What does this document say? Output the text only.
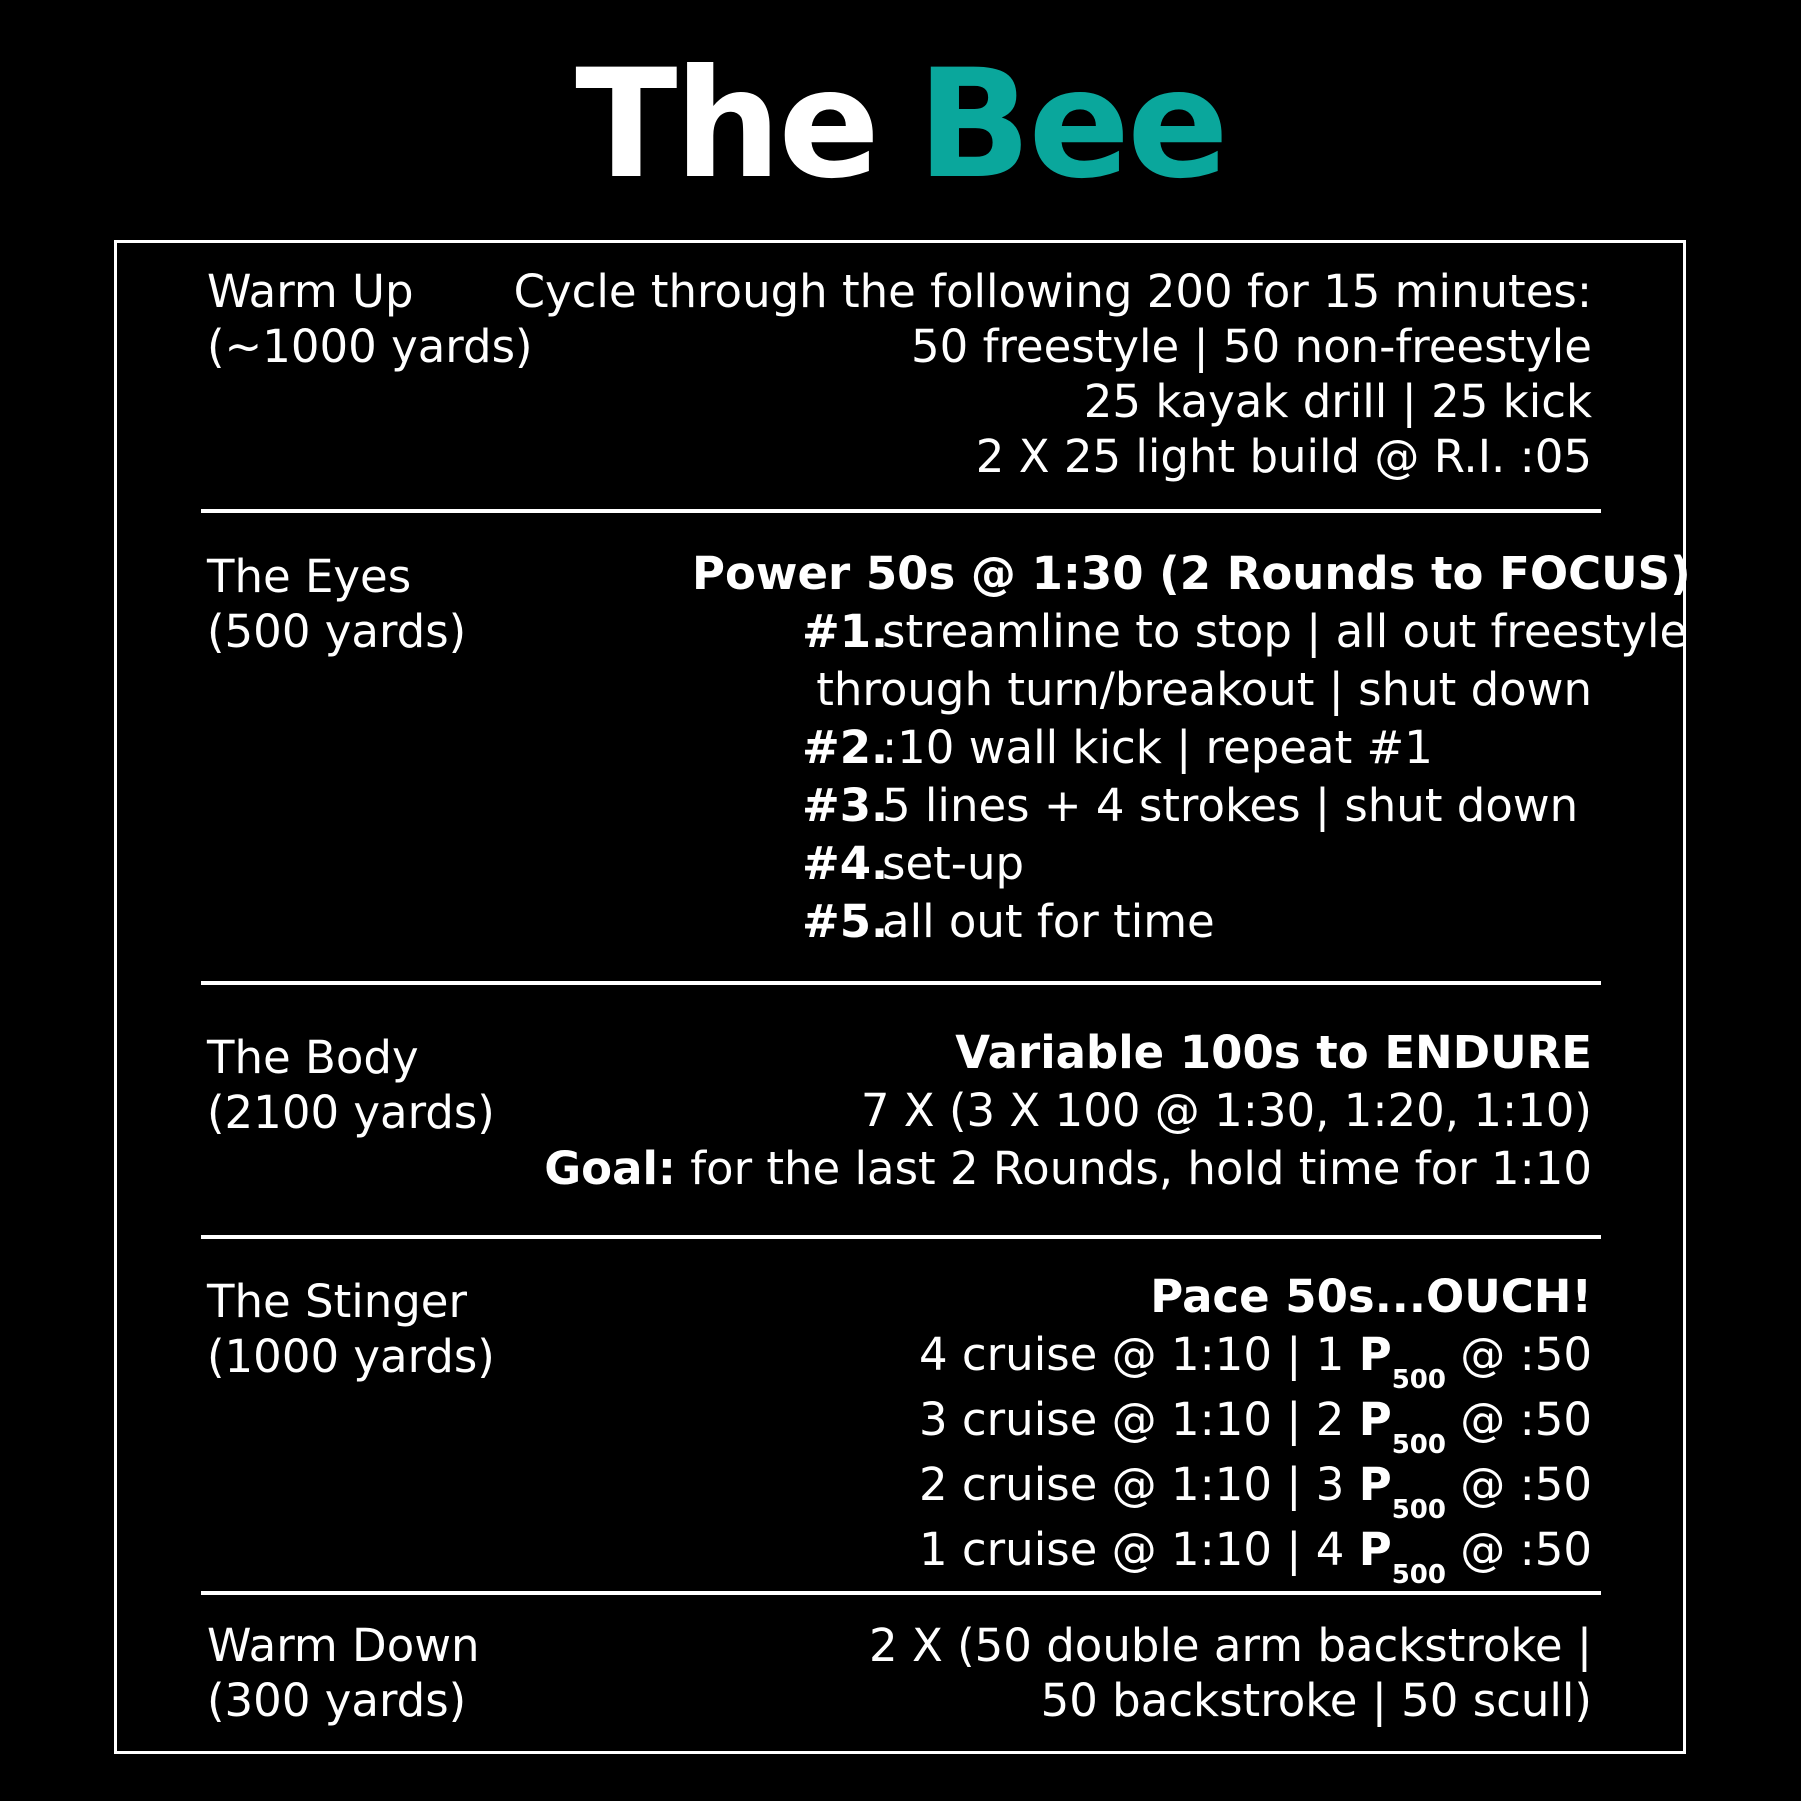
The Bee
Warm Up
(~1000 yards)
Cycle through the following 200 for 15 minutes:
50 freestyle | 50 non-freestyle
25 kayak drill | 25 kick
2 X 25 light build @ R.I. :05
The Eyes
(500 yards)
Power 50s @ 1:30 (2 Rounds to FOCUS)
#1.
streamline to stop | all out freestyle
through turn/breakout | shut down
#2.
:10 wall kick | repeat #1
#3.
5 lines + 4 strokes | shut down
#4.
set-up
#5.
all out for time
The Body
(2100 yards)
Variable 100s to ENDURE
7 X (3 X 100 @ 1:30, 1:20, 1:10)
Goal: for the last 2 Rounds, hold time for 1:10
The Stinger
(1000 yards)
Pace 50s...OUCH!
4 cruise @ 1:10 | 1 $P_{500}$ @ :50
3 cruise @ 1:10 | 2 $P_{500}$ @ :50
2 cruise @ 1:10 | 3 $P_{500}$ @ :50
1 cruise @ 1:10 | 4 $P_{500}$ @ :50
Warm Down
(300 yards)
2 X (50 double arm backstroke |
50 backstroke | 50 scull)
